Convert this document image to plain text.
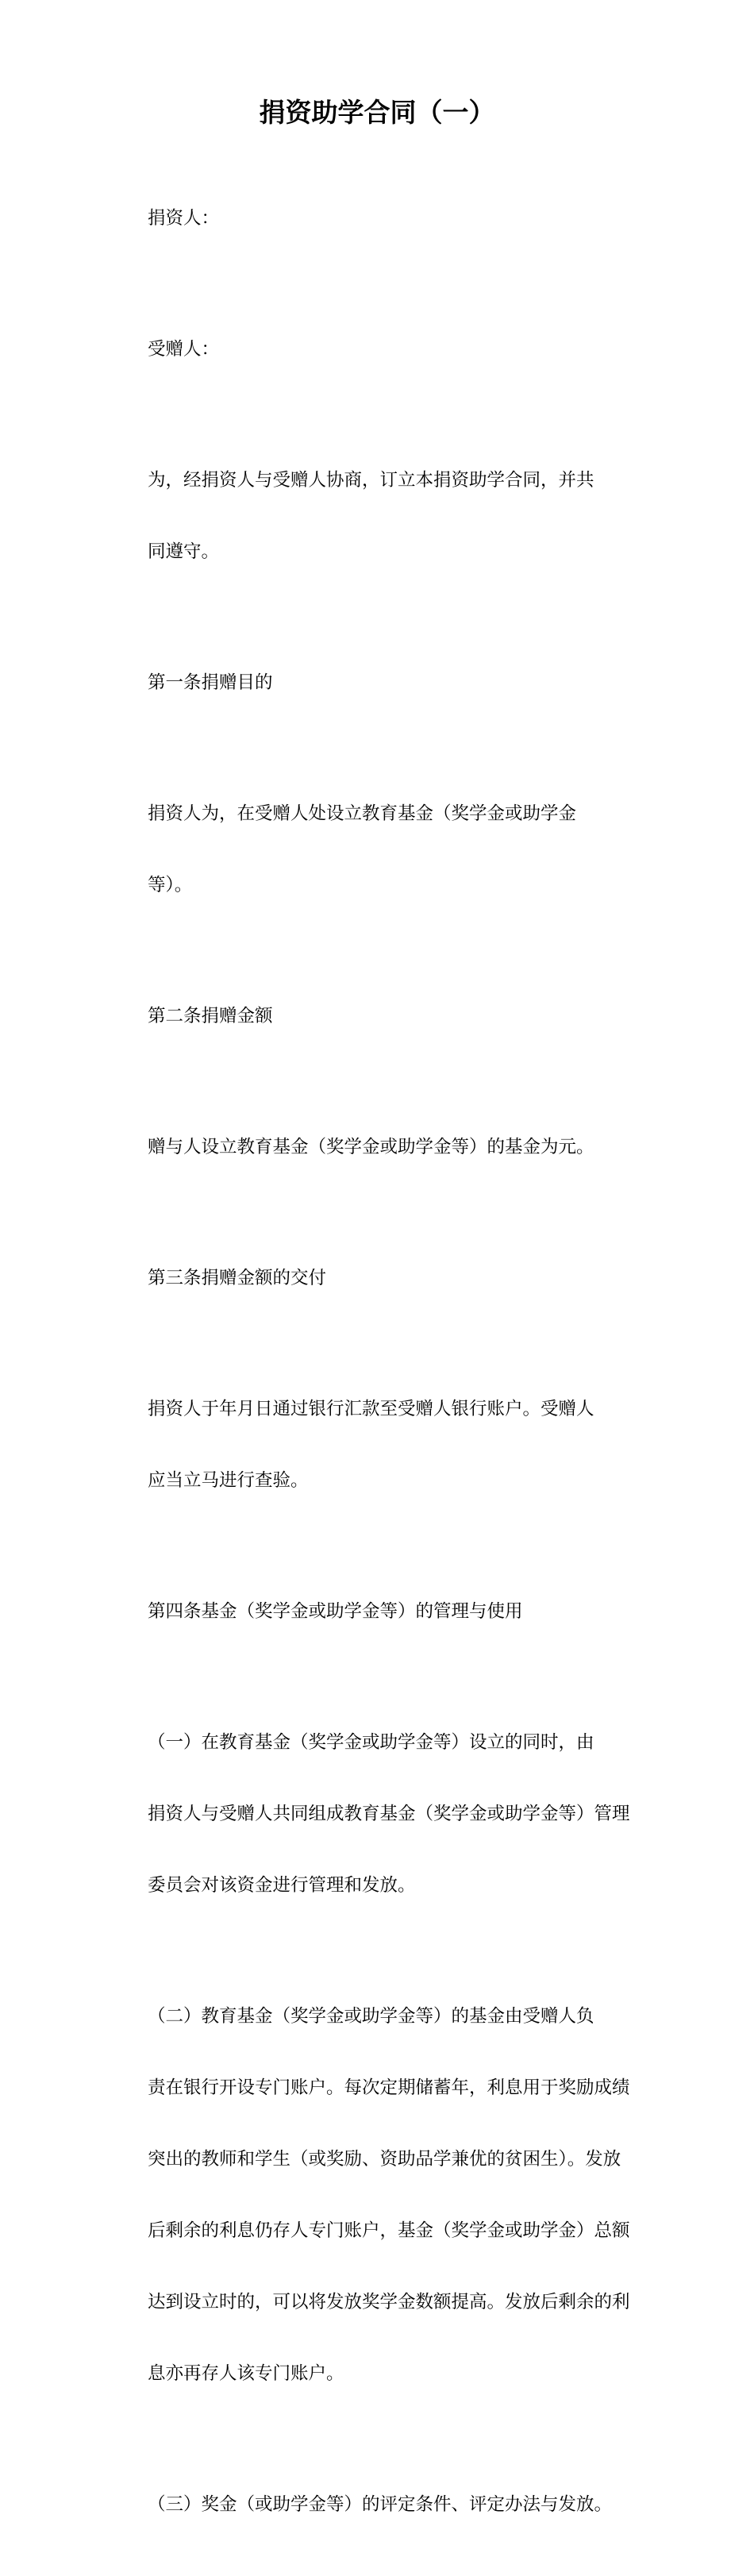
捐资助学合同（一）

捐资人：

受赠人：

为，经捐资人与受赠人协商，订立本捐资助学合同，并共

同遵守。

第一条捐赠目的

捐资人为，在受赠人处设立教育基金（奖学金或助学金

等）。

第二条捐赠金额

赠与人设立教育基金（奖学金或助学金等）的基金为元。

第三条捐赠金额的交付

捐资人于年月日通过银行汇款至受赠人银行账户。受赠人

应当立马进行查验。

第四条基金（奖学金或助学金等）的管理与使用

（一）在教育基金（奖学金或助学金等）设立的同时，由

捐资人与受赠人共同组成教育基金（奖学金或助学金等）管理

委员会对该资金进行管理和发放。

（二）教育基金（奖学金或助学金等）的基金由受赠人负

责在银行开设专门账户。每次定期储蓄年，利息用于奖励成绩

突出的教师和学生（或奖励、资助品学兼优的贫困生）。发放

后剩余的利息仍存人专门账户，基金（奖学金或助学金）总额

达到设立时的，可以将发放奖学金数额提高。发放后剩余的利

息亦再存人该专门账户。

（三）奖金（或助学金等）的评定条件、评定办法与发放。
